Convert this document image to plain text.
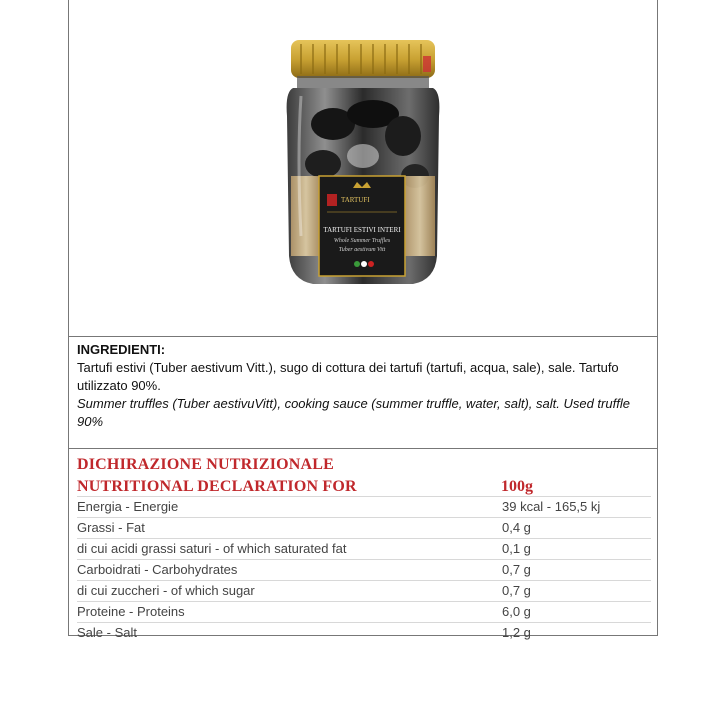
TARTUFI
TARTUFI ESTIVI INTERI
Whole Summer Truffles
Tuber aestivum Vitt
INGREDIENTI:
Tartufi estivi (Tuber aestivum Vitt.), sugo di cottura dei tartufi (tartufi, acqua, sale), sale. Tartufo utilizzato 90%.
Summer truffles (Tuber aestivuVitt), cooking sauce (summer truffle, water, salt), salt. Used truffle 90%
DICHIRAZIONE NUTRIZIONALE
NUTRITIONAL DECLARATION FOR	100g
Energia - Energie	39 kcal - 165,5 kj
Grassi - Fat	0,4 g
di cui acidi grassi saturi - of which saturated fat	0,1 g
Carboidrati - Carbohydrates	0,7 g
di cui zuccheri - of which sugar	0,7 g
Proteine - Proteins	6,0 g
Sale - Salt	1,2 g
